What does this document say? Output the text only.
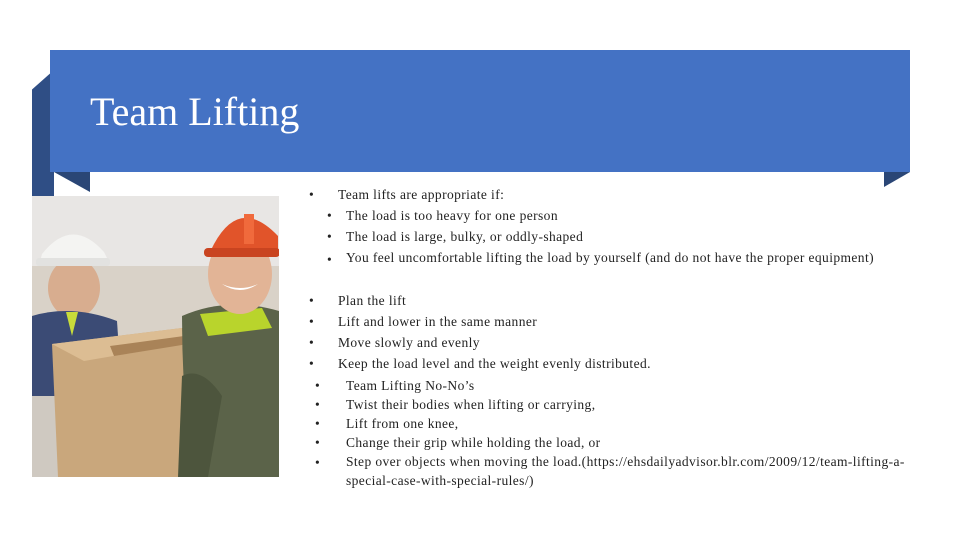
Team Lifting
•	Team lifts are appropriate if:
•	The load is too heavy for one person
•	The load is large, bulky, or oddly-shaped
•	You feel uncomfortable lifting the load by yourself (and do not have the proper equipment)
•	Plan the lift
•	Lift and lower in the same manner
•	Move slowly and evenly
•	Keep the load level and the weight evenly distributed.
•	Team Lifting No-No’s
•	Twist their bodies when lifting or carrying,
•	Lift from one knee,
•	Change their grip while holding the load, or
•	Step over objects when moving the load.(https://ehsdailyadvisor.blr.com/2009/12/team-lifting-a-special-case-with-special-rules/)
